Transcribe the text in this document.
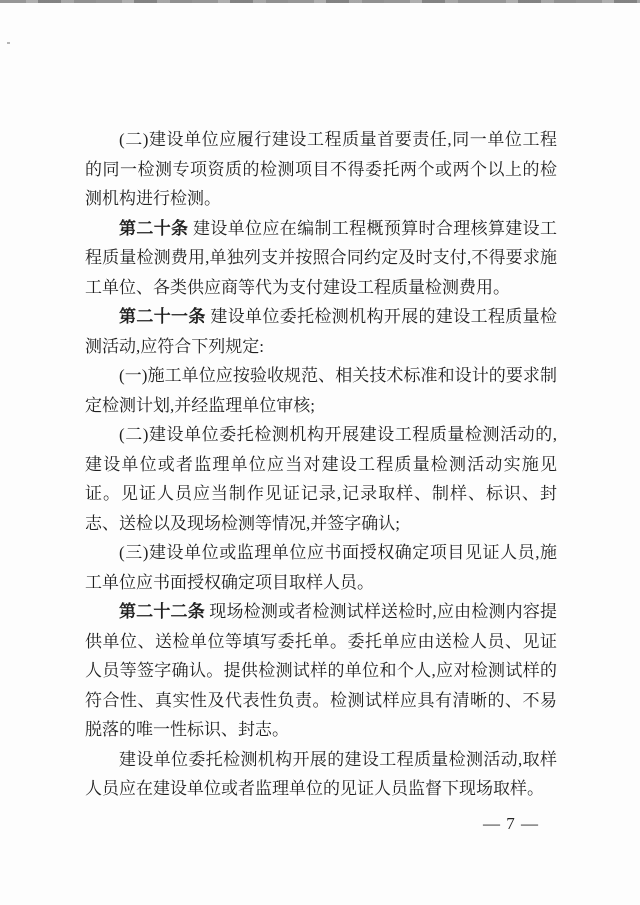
(二)建设单位应履行建设工程质量首要责任,同一单位工程的同一检测专项资质的检测项目不得委托两个或两个以上的检测机构进行检测。

第二十条 建设单位应在编制工程概预算时合理核算建设工程质量检测费用,单独列支并按照合同约定及时支付,不得要求施工单位、各类供应商等代为支付建设工程质量检测费用。

第二十一条 建设单位委托检测机构开展的建设工程质量检测活动,应符合下列规定:

(一)施工单位应按验收规范、相关技术标准和设计的要求制定检测计划,并经监理单位审核;

(二)建设单位委托检测机构开展建设工程质量检测活动的,建设单位或者监理单位应当对建设工程质量检测活动实施见证。见证人员应当制作见证记录,记录取样、制样、标识、封志、送检以及现场检测等情况,并签字确认;

(三)建设单位或监理单位应书面授权确定项目见证人员,施工单位应书面授权确定项目取样人员。

第二十二条 现场检测或者检测试样送检时,应由检测内容提供单位、送检单位等填写委托单。委托单应由送检人员、见证人员等签字确认。提供检测试样的单位和个人,应对检测试样的符合性、真实性及代表性负责。检测试样应具有清晰的、不易脱落的唯一性标识、封志。

建设单位委托检测机构开展的建设工程质量检测活动,取样人员应在建设单位或者监理单位的见证人员监督下现场取样。

— 7 —
